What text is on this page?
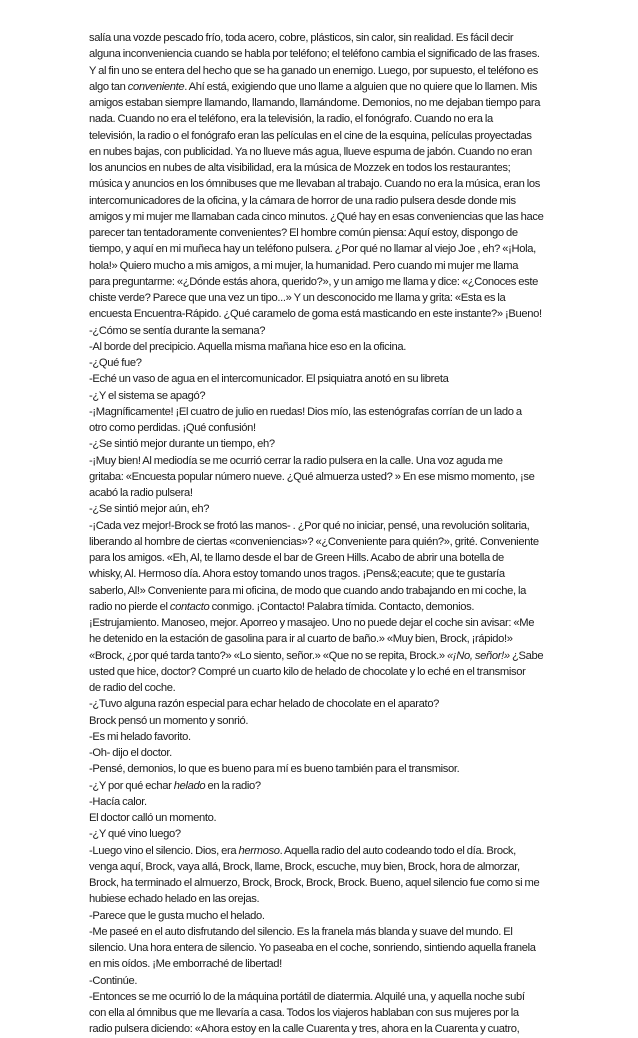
salía una vozde pescado frío, toda acero, cobre, plásticos, sin calor, sin realidad. Es fácil decir
alguna inconveniencia cuando se habla por teléfono; el teléfono cambia el significado de las frases.
Y al fin uno se entera del hecho que se ha ganado un enemigo. Luego, por supuesto, el teléfono es
algo tan conveniente. Ahí está, exigiendo que uno llame a alguien que no quiere que lo llamen. Mis
amigos estaban siempre llamando, llamando, llamándome. Demonios, no me dejaban tiempo para
nada. Cuando no era el teléfono, era la televisión, la radio, el fonógrafo. Cuando no era la
televisión, la radio o el fonógrafo eran las películas en el cine de la esquina, películas proyectadas
en nubes bajas, con publicidad. Ya no llueve más agua, llueve espuma de jabón. Cuando no eran
los anuncios en nubes de alta visibilidad, era la música de Mozzek en todos los restaurantes;
música y anuncios en los ómnibuses que me llevaban al trabajo. Cuando no era la música, eran los
intercomunicadores de la oficina, y la cámara de horror de una radio pulsera desde donde mis
amigos y mi mujer me llamaban cada cinco minutos. ¿Qué hay en esas conveniencias que las hace
parecer tan tentadoramente convenientes? El hombre común piensa: Aquí estoy, dispongo de
tiempo, y aquí en mi muñeca hay un teléfono pulsera. ¿Por qué no llamar al viejo Joe , eh? «¡Hola,
hola!» Quiero mucho a mis amigos, a mi mujer, la humanidad. Pero cuando mi mujer me llama
para preguntarme: «¿Dónde estás ahora, querido?», y un amigo me llama y dice: «¿Conoces este
chiste verde? Parece que una vez un tipo...» Y un desconocido me llama y grita: «Esta es la
encuesta Encuentra-Rápido. ¿Qué caramelo de goma está masticando en este instante?» ¡Bueno!
-¿Cómo se sentía durante la semana?
-Al borde del precipicio. Aquella misma mañana hice eso en la oficina.
-¿Qué fue?
-Eché un vaso de agua en el intercomunicador. El psiquiatra anotó en su libreta
-¿Y el sistema se apagó?
-¡Magníficamente! ¡El cuatro de julio en ruedas! Dios mío, las estenógrafas corrían de un lado a
otro como perdidas. ¡Qué confusión!
-¿Se sintió mejor durante un tiempo, eh?
-¡Muy bien! Al mediodía se me ocurrió cerrar la radio pulsera en la calle. Una voz aguda me
gritaba: «Encuesta popular número nueve. ¿Qué almuerza usted? » En ese mismo momento, ¡se
acabó la radio pulsera!
-¿Se sintió mejor aún, eh?
-¡Cada vez mejor!-Brock se frotó las manos- . ¿Por qué no iniciar, pensé, una revolución solitaria,
liberando al hombre de ciertas «conveniencias»? «¿Conveniente para quién?», grité. Conveniente
para los amigos. «Eh, Al, te llamo desde el bar de Green Hills. Acabo de abrir una botella de
whisky, Al. Hermoso día. Ahora estoy tomando unos tragos. ¡Pens&;eacute; que te gustaría
saberlo, Al!» Conveniente para mi oficina, de modo que cuando ando trabajando en mi coche, la
radio no pierde el contacto conmigo. ¡Contacto! Palabra tímida. Contacto, demonios.
¡Estrujamiento. Manoseo, mejor. Aporreo y masajeo. Uno no puede dejar el coche sin avisar: «Me
he detenido en la estación de gasolina para ir al cuarto de baño.» «Muy bien, Brock, ¡rápido!»
«Brock, ¿por qué tarda tanto?» «Lo siento, señor.» «Que no se repita, Brock.» «¡No, señor!» ¿Sabe
usted que hice, doctor? Compré un cuarto kilo de helado de chocolate y lo eché en el transmisor
de radio del coche.
-¿Tuvo alguna razón especial para echar helado de chocolate en el aparato?
Brock pensó un momento y sonrió.
-Es mi helado favorito.
-Oh- dijo el doctor.
-Pensé, demonios, lo que es bueno para mí es bueno también para el transmisor.
-¿Y por qué echar helado en la radio?
-Hacía calor.
El doctor calló un momento.
-¿Y qué vino luego?
-Luego vino el silencio. Dios, era hermoso. Aquella radio del auto codeando todo el día. Brock,
venga aquí, Brock, vaya allá, Brock, llame, Brock, escuche, muy bien, Brock, hora de almorzar,
Brock, ha terminado el almuerzo, Brock, Brock, Brock, Brock. Bueno, aquel silencio fue como si me
hubiese echado helado en las orejas.
-Parece que le gusta mucho el helado.
-Me paseé en el auto disfrutando del silencio. Es la franela más blanda y suave del mundo. El
silencio. Una hora entera de silencio. Yo paseaba en el coche, sonriendo, sintiendo aquella franela
en mis oídos. ¡Me emborraché de libertad!
-Continúe.
-Entonces se me ocurrió lo de la máquina portátil de diatermia. Alquilé una, y aquella noche subí
con ella al ómnibus que me llevaría a casa. Todos los viajeros hablaban con sus mujeres por la
radio pulsera diciendo: «Ahora estoy en la calle Cuarenta y tres, ahora en la Cuarenta y cuatro,
